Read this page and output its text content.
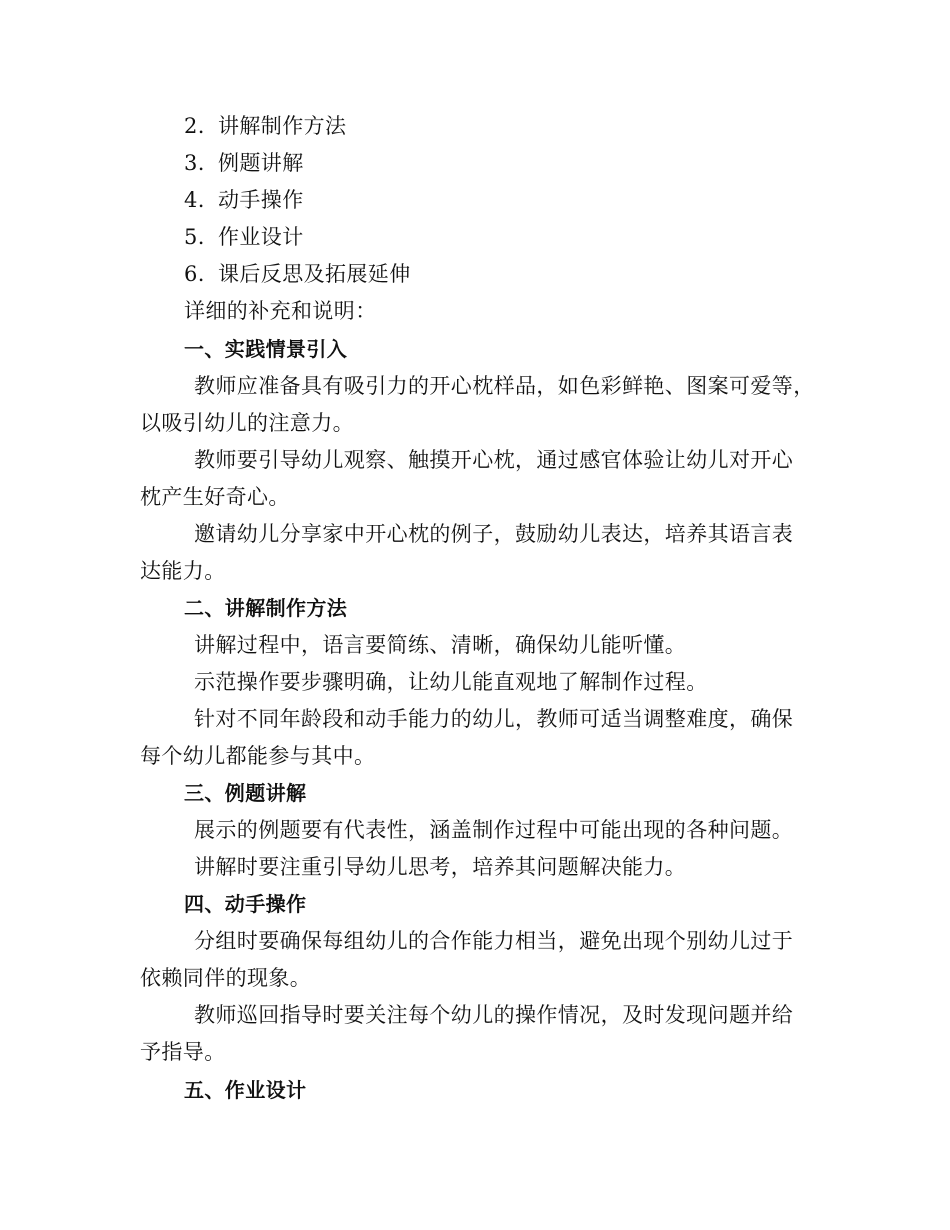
2. 讲解制作方法
3. 例题讲解
4. 动手操作
5. 作业设计
6. 课后反思及拓展延伸
详细的补充和说明：
一、实践情景引入
教师应准备具有吸引力的开心枕样品，如色彩鲜艳、图案可爱等，
以吸引幼儿的注意力。
教师要引导幼儿观察、触摸开心枕，通过感官体验让幼儿对开心
枕产生好奇心。
邀请幼儿分享家中开心枕的例子，鼓励幼儿表达，培养其语言表
达能力。
二、讲解制作方法
讲解过程中，语言要简练、清晰，确保幼儿能听懂。
示范操作要步骤明确，让幼儿能直观地了解制作过程。
针对不同年龄段和动手能力的幼儿，教师可适当调整难度，确保
每个幼儿都能参与其中。
三、例题讲解
展示的例题要有代表性，涵盖制作过程中可能出现的各种问题。
讲解时要注重引导幼儿思考，培养其问题解决能力。
四、动手操作
分组时要确保每组幼儿的合作能力相当，避免出现个别幼儿过于
依赖同伴的现象。
教师巡回指导时要关注每个幼儿的操作情况，及时发现问题并给
予指导。
五、作业设计
